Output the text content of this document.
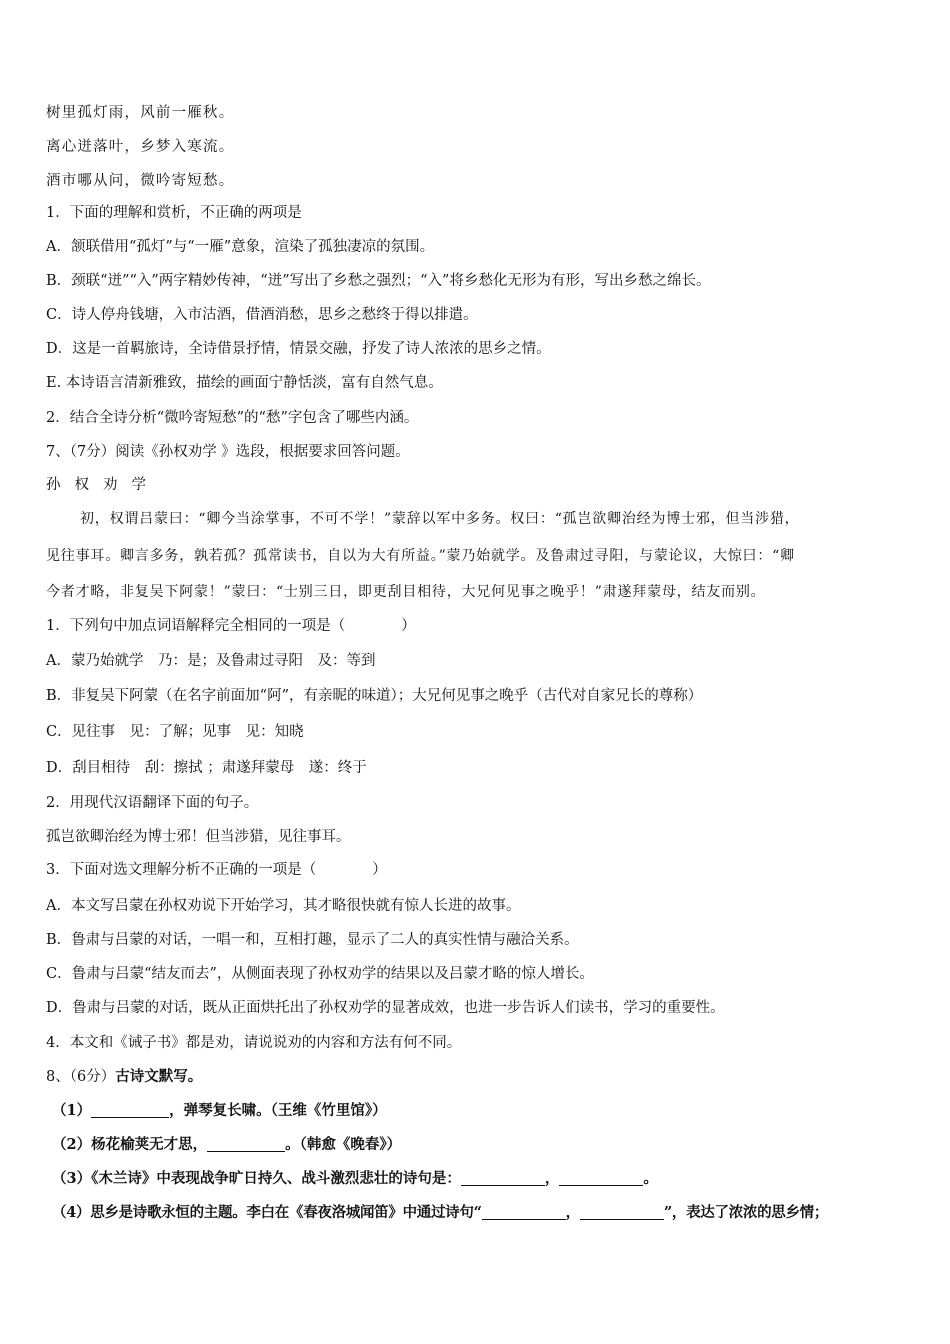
树里孤灯雨，风前一雁秋。
离心迸落叶，乡梦入寒流。
酒市哪从问，微吟寄短愁。
1．下面的理解和赏析，不正确的两项是
A．颔联借用“孤灯”与“一雁”意象，渲染了孤独凄凉的氛围。
B．颈联“迸”“入”两字精妙传神，“迸”写出了乡愁之强烈；“入”将乡愁化无形为有形，写出乡愁之绵长。
C．诗人停舟钱塘，入市沽酒，借酒消愁，思乡之愁终于得以排遣。
D．这是一首羁旅诗，全诗借景抒情，情景交融，抒发了诗人浓浓的思乡之情。
E. 本诗语言清新雅致，描绘的画面宁静恬淡，富有自然气息。
2．结合全诗分析“微吟寄短愁”的“愁”字包含了哪些内涵。
7、（7分）阅读《孙权劝学 》选段，根据要求回答问题。
孙权劝学
初，权谓吕蒙曰：“卿今当涂掌事，不可不学！”蒙辞以军中多务。权曰：“孤岂欲卿治经为博士邪，但当涉猎，
见往事耳。卿言多务，孰若孤？孤常读书，自以为大有所益。”蒙乃始就学。及鲁肃过寻阳，与蒙论议，大惊曰：“卿
今者才略，非复吴下阿蒙！”蒙曰：“士别三日，即更刮目相待，大兄何见事之晚乎！”肃遂拜蒙母，结友而别。
1．下列句中加点词语解释完全相同的一项是（	）
A．蒙乃始就学　乃：是；及鲁肃过寻阳　及：等到
B．非复吴下阿蒙（在名字前面加“阿”，有亲昵的味道）；大兄何见事之晚乎（古代对自家兄长的尊称）
C．见往事　见：了解；见事　见：知晓
D．刮目相待　刮：擦拭 ；肃遂拜蒙母　遂：终于
2．用现代汉语翻译下面的句子。
孤岂欲卿治经为博士邪！但当涉猎，见往事耳。
3．下面对选文理解分析不正确的一项是（	）
A．本文写吕蒙在孙权劝说下开始学习，其才略很快就有惊人长进的故事。
B．鲁肃与吕蒙的对话，一唱一和，互相打趣，显示了二人的真实性情与融洽关系。
C．鲁肃与吕蒙“结友而去”，从侧面表现了孙权劝学的结果以及吕蒙才略的惊人增长。
D．鲁肃与吕蒙的对话，既从正面烘托出了孙权劝学的显著成效，也进一步告诉人们读书，学习的重要性。
4．本文和《诫子书》都是劝，请说说劝的内容和方法有何不同。
8、（6分）古诗文默写。
（1）	，弹琴复长啸。（王维《竹里馆》）
（2）杨花榆荚无才思，	。（韩愈《晚春》）
（3）《木兰诗》中表现战争旷日持久、战斗激烈悲壮的诗句是：	，	。
（4）思乡是诗歌永恒的主题。李白在《春夜洛城闻笛》中通过诗句“	，	”，表达了浓浓的思乡情；
